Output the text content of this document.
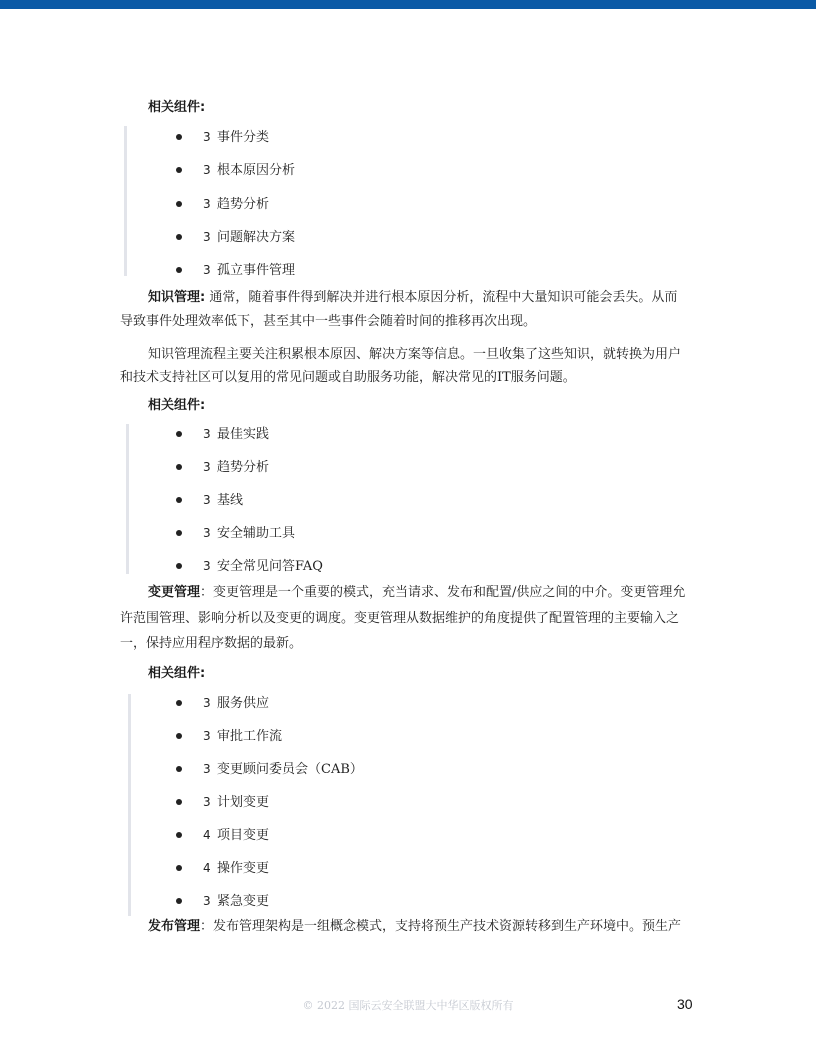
相关组件:
3 事件分类
3 根本原因分析
3 趋势分析
3 问题解决方案
3 孤立事件管理
知识管理: 通常，随着事件得到解决并进行根本原因分析，流程中大量知识可能会丢失。从而
导致事件处理效率低下，甚至其中一些事件会随着时间的推移再次出现。
知识管理流程主要关注积累根本原因、解决方案等信息。一旦收集了这些知识，就转换为用户
和技术支持社区可以复用的常见问题或自助服务功能，解决常见的IT服务问题。
相关组件:
3 最佳实践
3 趋势分析
3 基线
3 安全辅助工具
3 安全常见问答FAQ
变更管理：变更管理是一个重要的模式，充当请求、发布和配置/供应之间的中介。变更管理允
许范围管理、影响分析以及变更的调度。变更管理从数据维护的角度提供了配置管理的主要输入之
一，保持应用程序数据的最新。
相关组件:
3 服务供应
3 审批工作流
3 变更顾问委员会（CAB）
3 计划变更
4 项目变更
4 操作变更
3 紧急变更
发布管理：发布管理架构是一组概念模式，支持将预生产技术资源转移到生产环境中。预生产
© 2022 国际云安全联盟大中华区版权所有	30
